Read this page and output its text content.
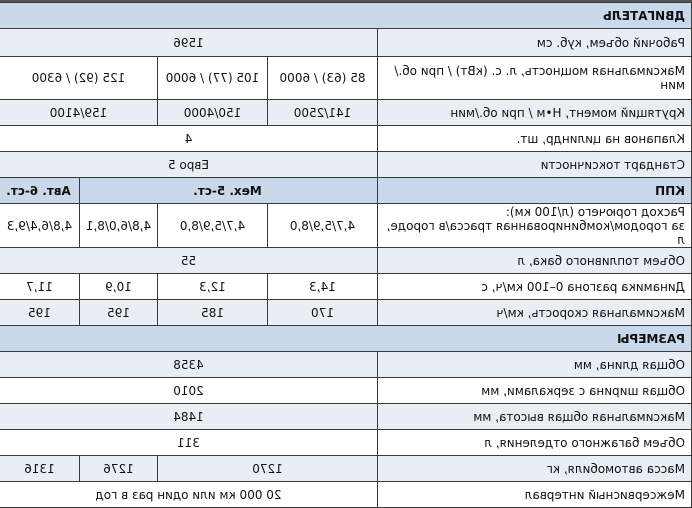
ДВИГАТЕЛЬ				
Рабочий объем, куб. см	1596			
Максимальная мощность, л. с. (кВт) / при об./мин	85 (63) / 6000	105 (77) / 6000	125 (92) / 6300	
Крутящий момент, Н•м / при об./мин	141/2500	150/4000	159/4100	
Клапанов на цилиндр, шт.	4			
Стандарт токсичности	Евро 5			
КПП	Мех. 5-ст.			Авт. 6-ст.

Расход горючего (л/100 км):
за городом/комбинированная трасса/в городе, л	4,7/5,9/8,0	4,7/5,9/8,0	4,8/6,0/8,1	4,8/6,4/9,3
Объем топливного бака, л	55			
Динамика разгона 0–100 км/ч, с	14,3	12,3	10,9	11,7
Максимальная скорость, км/ч	170	185	195	195
РАЗМЕРЫ				
Общая длина, мм	4358			
Общая ширина с зеркалами, мм	2010			
Максимальная общая высота, мм	1484			
Объем багажного отделения, л	311			
Масса автомобиля, кг	1270		1276	1316
Межсервисный интервал	20 000 км или один раз в год			
